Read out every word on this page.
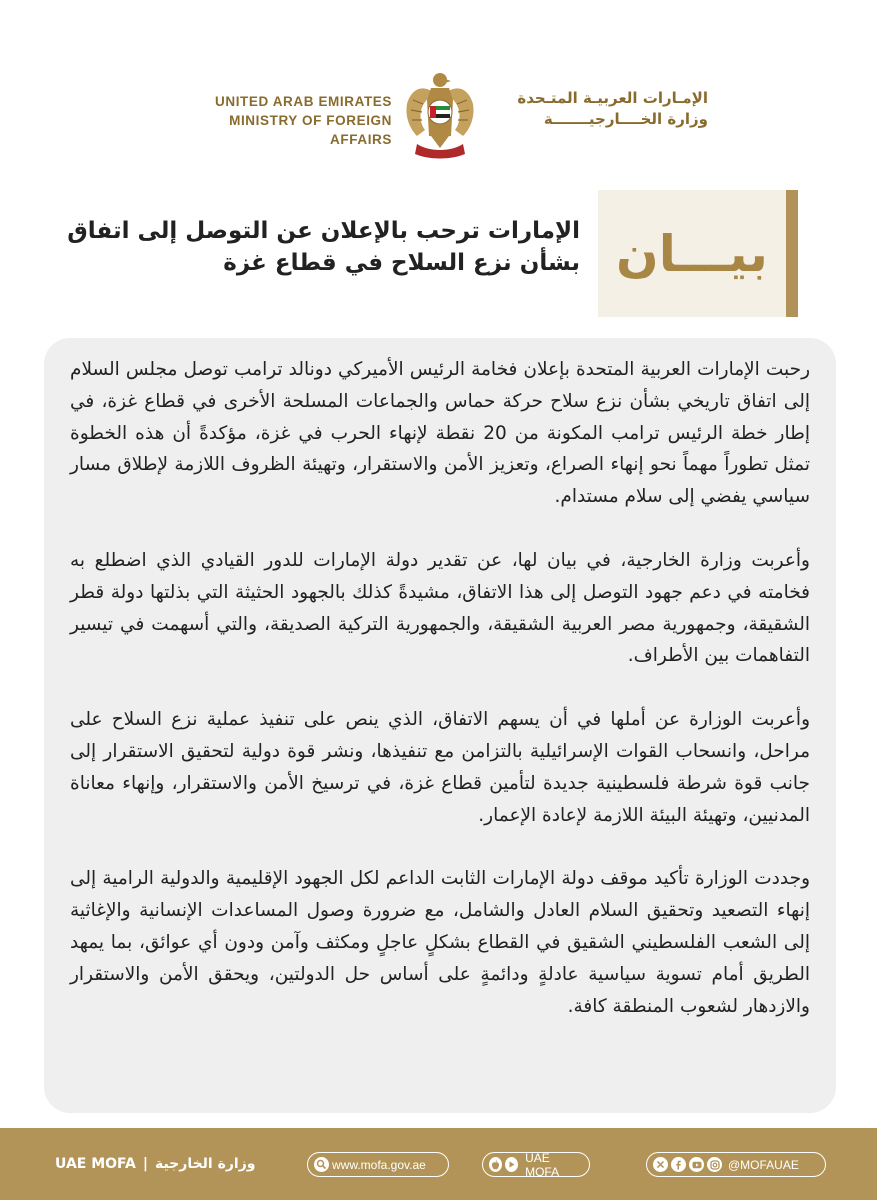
UNITED ARAB EMIRATES
MINISTRY OF FOREIGN AFFAIRS
الإمـارات العربيـة المتـحدة
وزارة الخــــارجيـــــــة
بيـــان
الإمارات ترحب بالإعلان عن التوصل إلى اتفاق
بشأن نزع السلاح في قطاع غزة

رحبت الإمارات العربية المتحدة بإعلان فخامة الرئيس الأميركي دونالد ترامب توصل مجلس السلام إلى اتفاق تاريخي بشأن نزع سلاح حركة حماس والجماعات المسلحة الأخرى في قطاع غزة، في إطار خطة الرئيس ترامب المكونة من 20 نقطة لإنهاء الحرب في غزة، مؤكدةً أن هذه الخطوة تمثل تطوراً مهماً نحو إنهاء الصراع، وتعزيز الأمن والاستقرار، وتهيئة الظروف اللازمة لإطلاق مسار سياسي يفضي إلى سلام مستدام.

وأعربت وزارة الخارجية، في بيان لها، عن تقدير دولة الإمارات للدور القيادي الذي اضطلع به فخامته في دعم جهود التوصل إلى هذا الاتفاق، مشيدةً كذلك بالجهود الحثيثة التي بذلتها دولة قطر الشقيقة، وجمهورية مصر العربية الشقيقة، والجمهورية التركية الصديقة، والتي أسهمت في تيسير التفاهمات بين الأطراف.

وأعربت الوزارة عن أملها في أن يسهم الاتفاق، الذي ينص على تنفيذ عملية نزع السلاح على مراحل، وانسحاب القوات الإسرائيلية بالتزامن مع تنفيذها، ونشر قوة دولية لتحقيق الاستقرار إلى جانب قوة شرطة فلسطينية جديدة لتأمين قطاع غزة، في ترسيخ الأمن والاستقرار، وإنهاء معاناة المدنيين، وتهيئة البيئة اللازمة لإعادة الإعمار.

وجددت الوزارة تأكيد موقف دولة الإمارات الثابت الداعم لكل الجهود الإقليمية والدولية الرامية إلى إنهاء التصعيد وتحقيق السلام العادل والشامل، مع ضرورة وصول المساعدات الإنسانية والإغاثية إلى الشعب الفلسطيني الشقيق في القطاع بشكلٍ عاجلٍ ومكثف وآمن ودون أي عوائق، بما يمهد الطريق أمام تسوية سياسية عادلةٍ ودائمةٍ على أساس حل الدولتين، ويحقق الأمن والاستقرار والازدهار لشعوب المنطقة كافة.

UAE MOFA | وزارة الخارجية	www.mofa.gov.ae	UAE MOFA	@MOFAUAE
